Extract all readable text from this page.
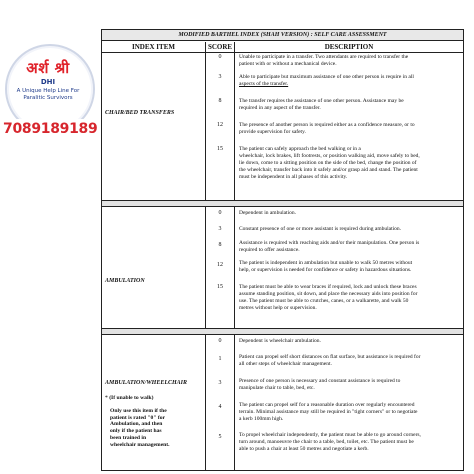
अर्श श्री
DHI
A Unique Help Line For
Paralitic Survivors
7089189189
MODIFIED BARTHEL INDEX (SHAH VERSION) : SELF CARE ASSESSMENT
INDEX ITEM	SCORE	DESCRIPTION
CHAIR/BED TRANSFERS
0	Unable to participate in a transfer. Two attendants are required to transfer the
patient with or without a mechanical device.
3	Able to participate but maximum assistance of one other person is require in all
aspects of the transfer.
8	The transfer requires the assistance of one other person. Assistance may be
required in any aspect of the transfer.
12	The presence of another person is required either as a confidence measure, or to
provide supervision for safety.
15	The patient can safely approach the bed walking or in a
wheelchair, lock brakes, lift footrests, or position walking aid, move safely to bed,
lie down, come to a sitting position on the side of the bed, change the position of
the wheelchair, transfer back into it safely and/or grasp aid and stand. The patient
must be independent in all phases of this activity.
AMBULATION
0	Dependent in ambulation.
3	Constant presence of one or more assistant is required during ambulation.
8	Assistance is required with reaching aids and/or their manipulation. One person is
required to offer assistance.
12	The patient is independent in ambulation but unable to walk 50 metres without
help, or supervision is needed for confidence or safety in hazardous situations.
15	The patient must be able to wear braces if required, lock and unlock these braces
assume standing position, sit down, and place the necessary aids into position for
use. The patient must be able to crutches, canes, or a walkarette, and walk 50
metres without help or supervision.
AMBULATION/WHEELCHAIR
* (If unable to walk)
Only use this item if the
patient is rated "0" for
Ambulation, and then
only if the patient has
been trained in
wheelchair management.
0	Dependent is wheelchair ambulation.
1	Patient can propel self short distances on flat surface, but assistance is required for
all other steps of wheelchair management.
3	Presence of one person is necessary and constant assistance is required to
manipulate chair to table, bed, etc.
4	The patient can propel self for a reasonable duration over regularly encountered
terrain. Minimal assistance may still be required in "tight corners" or to negotiate
a kerb 100mm high.
5	To propel wheelchair independently, the patient must be able to go around corners,
turn around, manoeuvre the chair to a table, bed, toilet, etc. The patient must be
able to push a chair at least 50 metres and negotiate a kerb.
